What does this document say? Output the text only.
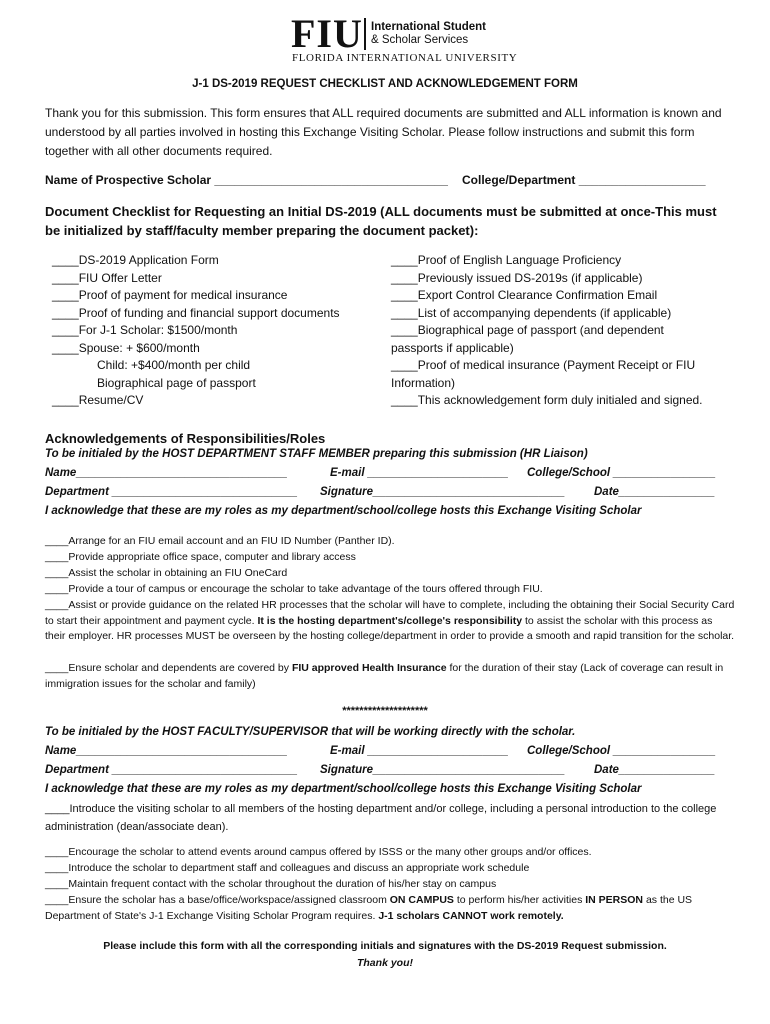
FIU International Student
& Scholar Services
FLORIDA INTERNATIONAL UNIVERSITY
J-1 DS-2019 REQUEST CHECKLIST AND ACKNOWLEDGEMENT FORM
Thank you for this submission. This form ensures that ALL required documents are submitted and ALL information is known and understood by all parties involved in hosting this Exchange Visiting Scholar. Please follow instructions and submit this form together with all other documents required.
Name of Prospective Scholar ___________________________________ College/Department ___________________
Document Checklist for Requesting an Initial DS-2019 (ALL documents must be submitted at once-This must be initialized by staff/faculty member preparing the document packet):
____DS-2019 Application Form
____FIU Offer Letter
____Proof of payment for medical insurance
____Proof of funding and financial support documents
____For J-1 Scholar: $1500/month
____Spouse: + $600/month
Child: +$400/month per child
Biographical page of passport
____Resume/CV
____Proof of English Language Proficiency
____Previously issued DS-2019s (if applicable)
____Export Control Clearance Confirmation Email
____List of accompanying dependents (if applicable)
____Biographical page of passport (and dependent
passports if applicable)
____Proof of medical insurance (Payment Receipt or FIU
Information)
____This acknowledgement form duly initialed and signed.
Acknowledgements of Responsibilities/Roles
To be initialed by the HOST DEPARTMENT STAFF MEMBER preparing this submission (HR Liaison)
Name_________________________________	E-mail ______________________ College/School ________________
Department _____________________________ Signature______________________________	Date_______________
I acknowledge that these are my roles as my department/school/college hosts this Exchange Visiting Scholar
____Arrange for an FIU email account and an FIU ID Number (Panther ID).
____Provide appropriate office space, computer and library access
____Assist the scholar in obtaining an FIU OneCard
____Provide a tour of campus or encourage the scholar to take advantage of the tours offered through FIU.
____Assist or provide guidance on the related HR processes that the scholar will have to complete, including the obtaining their Social Security Card to start their appointment and payment cycle. It is the hosting department's/college's responsibility to assist the scholar with this process as their employer. HR processes MUST be overseen by the hosting college/department in order to provide a smooth and rapid transition for the scholar.
____Ensure scholar and dependents are covered by FIU approved Health Insurance for the duration of their stay (Lack of coverage can result in immigration issues for the scholar and family)
********************
To be initialed by the HOST FACULTY/SUPERVISOR that will be working directly with the scholar.
Name_________________________________	E-mail ______________________ College/School ________________
Department _____________________________ Signature______________________________	Date_______________
I acknowledge that these are my roles as my department/school/college hosts this Exchange Visiting Scholar
____Introduce the visiting scholar to all members of the hosting department and/or college, including a personal introduction to the college administration (dean/associate dean).
____Encourage the scholar to attend events around campus offered by ISSS or the many other groups and/or offices.
____Introduce the scholar to department staff and colleagues and discuss an appropriate work schedule
____Maintain frequent contact with the scholar throughout the duration of his/her stay on campus
____Ensure the scholar has a base/office/workspace/assigned classroom ON CAMPUS to perform his/her activities IN PERSON as the US Department of State's J-1 Exchange Visiting Scholar Program requires. J-1 scholars CANNOT work remotely.
Please include this form with all the corresponding initials and signatures with the DS-2019 Request submission.
Thank you!
